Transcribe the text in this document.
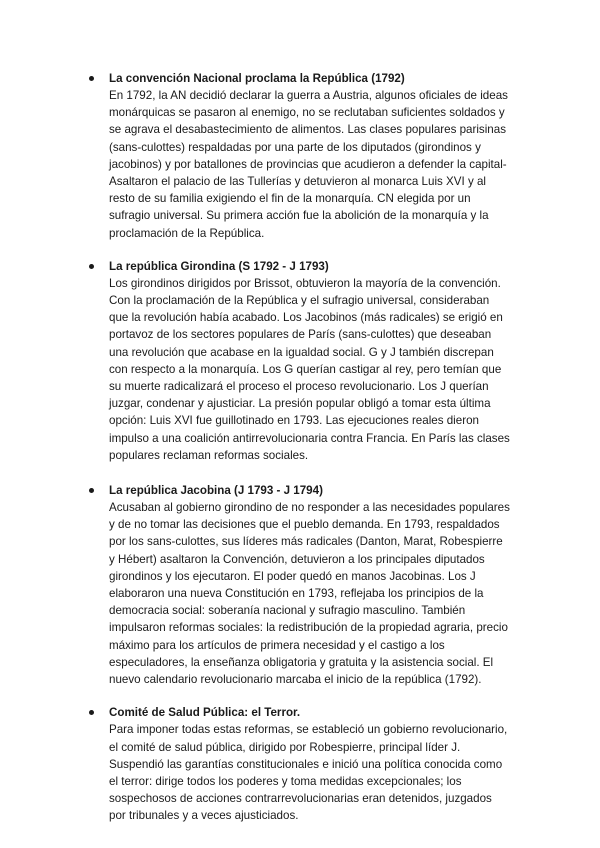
La convención Nacional proclama la República (1792)

En 1792, la AN decidió declarar la guerra a Austria, algunos oficiales de ideas
monárquicas se pasaron al enemigo, no se reclutaban suficientes soldados y
se agrava el desabastecimiento de alimentos. Las clases populares parisinas
(sans-culottes) respaldadas por una parte de los diputados (girondinos y
jacobinos) y por batallones de provincias que acudieron a defender la capital-
Asaltaron el palacio de las Tullerías y detuvieron al monarca Luis XVI y al
resto de su familia exigiendo el fin de la monarquía. CN elegida por un
sufragio universal. Su primera acción fue la abolición de la monarquía y la
proclamación de la República.

La república Girondina (S 1792 - J 1793)

Los girondinos dirigidos por Brissot, obtuvieron la mayoría de la convención.
Con la proclamación de la República y el sufragio universal, consideraban
que la revolución había acabado. Los Jacobinos (más radicales) se erigió en
portavoz de los sectores populares de París (sans-culottes) que deseaban
una revolución que acabase en la igualdad social. G y J también discrepan
con respecto a la monarquía. Los G querían castigar al rey, pero temían que
su muerte radicalizará el proceso el proceso revolucionario. Los J querían
juzgar, condenar y ajusticiar. La presión popular obligó a tomar esta última
opción: Luis XVI fue guillotinado en 1793. Las ejecuciones reales dieron
impulso a una coalición antirrevolucionaria contra Francia. En París las clases
populares reclaman reformas sociales.

La república Jacobina (J 1793 - J 1794)

Acusaban al gobierno girondino de no responder a las necesidades populares
y de no tomar las decisiones que el pueblo demanda. En 1793, respaldados
por los sans-culottes, sus líderes más radicales (Danton, Marat, Robespierre
y Hébert) asaltaron la Convención, detuvieron a los principales diputados
girondinos y los ejecutaron. El poder quedó en manos Jacobinas. Los J
elaboraron una nueva Constitución en 1793, reflejaba los principios de la
democracia social: soberanía nacional y sufragio masculino. También
impulsaron reformas sociales: la redistribución de la propiedad agraria, precio
máximo para los artículos de primera necesidad y el castigo a los
especuladores, la enseñanza obligatoria y gratuita y la asistencia social. El
nuevo calendario revolucionario marcaba el inicio de la república (1792).

Comité de Salud Pública: el Terror.

Para imponer todas estas reformas, se estableció un gobierno revolucionario,
el comité de salud pública, dirigido por Robespierre, principal líder J.
Suspendió las garantías constitucionales e inició una política conocida como
el terror: dirige todos los poderes y toma medidas excepcionales; los
sospechosos de acciones contrarrevolucionarias eran detenidos, juzgados
por tribunales y a veces ajusticiados.
